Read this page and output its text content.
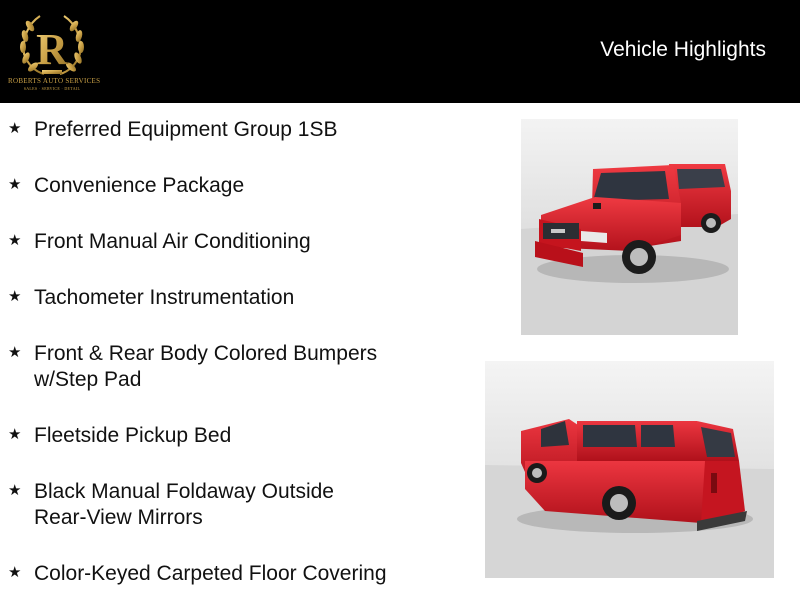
R
ROBERTS AUTO SERVICES
SALES · SERVICE · DETAIL
Vehicle Highlights
★ Preferred Equipment Group 1SB
★ Convenience Package
★ Front Manual Air Conditioning
★ Tachometer Instrumentation
★ Front & Rear Body Colored Bumpers
w/Step Pad
★ Fleetside Pickup Bed
★ Black Manual Foldaway Outside
Rear-View Mirrors
★ Color-Keyed Carpeted Floor Covering
